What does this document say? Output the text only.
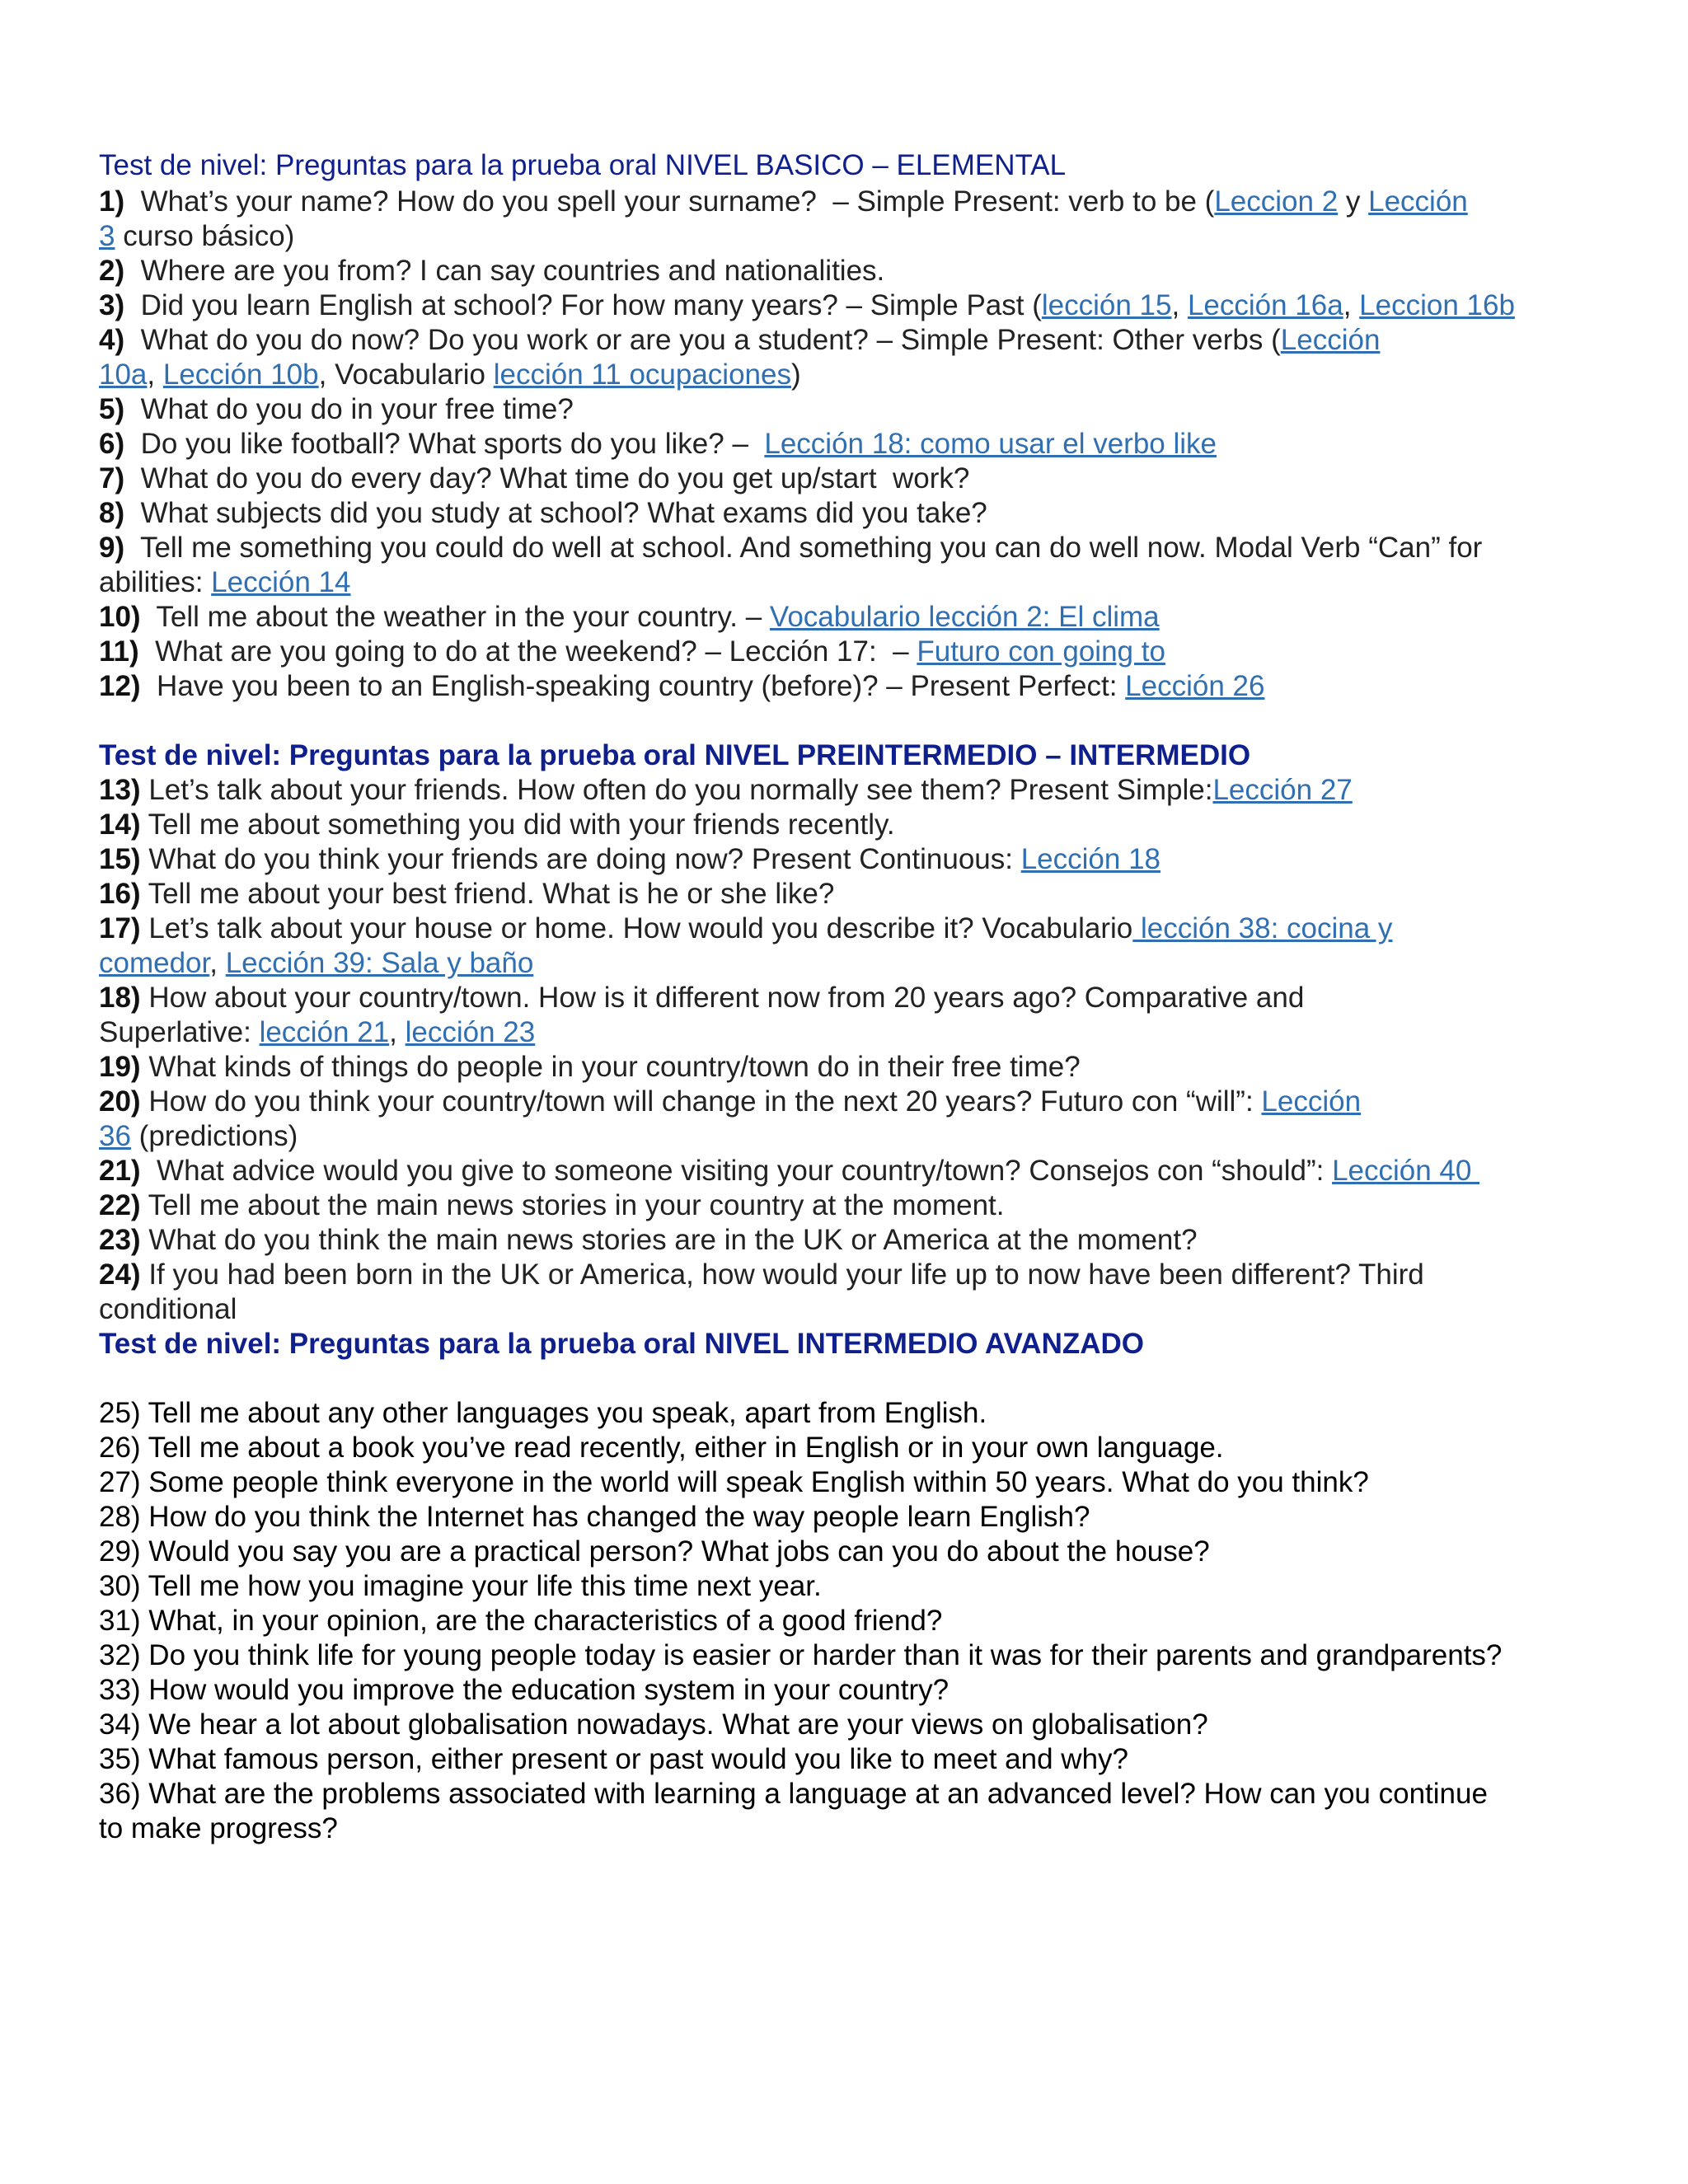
Test de nivel: Preguntas para la prueba oral NIVEL BASICO – ELEMENTAL
1)  What’s your name? How do you spell your surname?  – Simple Present: verb to be (Leccion 2 y Lección
3 curso básico)
2)  Where are you from? I can say countries and nationalities.
3)  Did you learn English at school? For how many years? – Simple Past (lección 15, Lección 16a, Leccion 16b
4)  What do you do now? Do you work or are you a student? – Simple Present: Other verbs (Lección
10a, Lección 10b, Vocabulario lección 11 ocupaciones)
5)  What do you do in your free time?
6)  Do you like football? What sports do you like? –  Lección 18: como usar el verbo like
7)  What do you do every day? What time do you get up/start  work?
8)  What subjects did you study at school? What exams did you take?
9)  Tell me something you could do well at school. And something you can do well now. Modal Verb “Can” for
abilities: Lección 14
10)  Tell me about the weather in the your country. – Vocabulario lección 2: El clima
11)  What are you going to do at the weekend? – Lección 17:  – Futuro con going to
12)  Have you been to an English-speaking country (before)? – Present Perfect: Lección 26
Test de nivel: Preguntas para la prueba oral NIVEL PREINTERMEDIO – INTERMEDIO
13) Let’s talk about your friends. How often do you normally see them? Present Simple:Lección 27
14) Tell me about something you did with your friends recently.
15) What do you think your friends are doing now? Present Continuous: Lección 18
16) Tell me about your best friend. What is he or she like?
17) Let’s talk about your house or home. How would you describe it? Vocabulario lección 38: cocina y
comedor, Lección 39: Sala y baño
18) How about your country/town. How is it different now from 20 years ago? Comparative and
Superlative: lección 21, lección 23
19) What kinds of things do people in your country/town do in their free time?
20) How do you think your country/town will change in the next 20 years? Futuro con “will”: Lección
36 (predictions)
21)  What advice would you give to someone visiting your country/town? Consejos con “should”: Lección 40
22) Tell me about the main news stories in your country at the moment.
23) What do you think the main news stories are in the UK or America at the moment?
24) If you had been born in the UK or America, how would your life up to now have been different? Third
conditional
Test de nivel: Preguntas para la prueba oral NIVEL INTERMEDIO AVANZADO
25) Tell me about any other languages you speak, apart from English.
26) Tell me about a book you’ve read recently, either in English or in your own language.
27) Some people think everyone in the world will speak English within 50 years. What do you think?
28) How do you think the Internet has changed the way people learn English?
29) Would you say you are a practical person? What jobs can you do about the house?
30) Tell me how you imagine your life this time next year.
31) What, in your opinion, are the characteristics of a good friend?
32) Do you think life for young people today is easier or harder than it was for their parents and grandparents?
33) How would you improve the education system in your country?
34) We hear a lot about globalisation nowadays. What are your views on globalisation?
35) What famous person, either present or past would you like to meet and why?
36) What are the problems associated with learning a language at an advanced level? How can you continue
to make progress?
